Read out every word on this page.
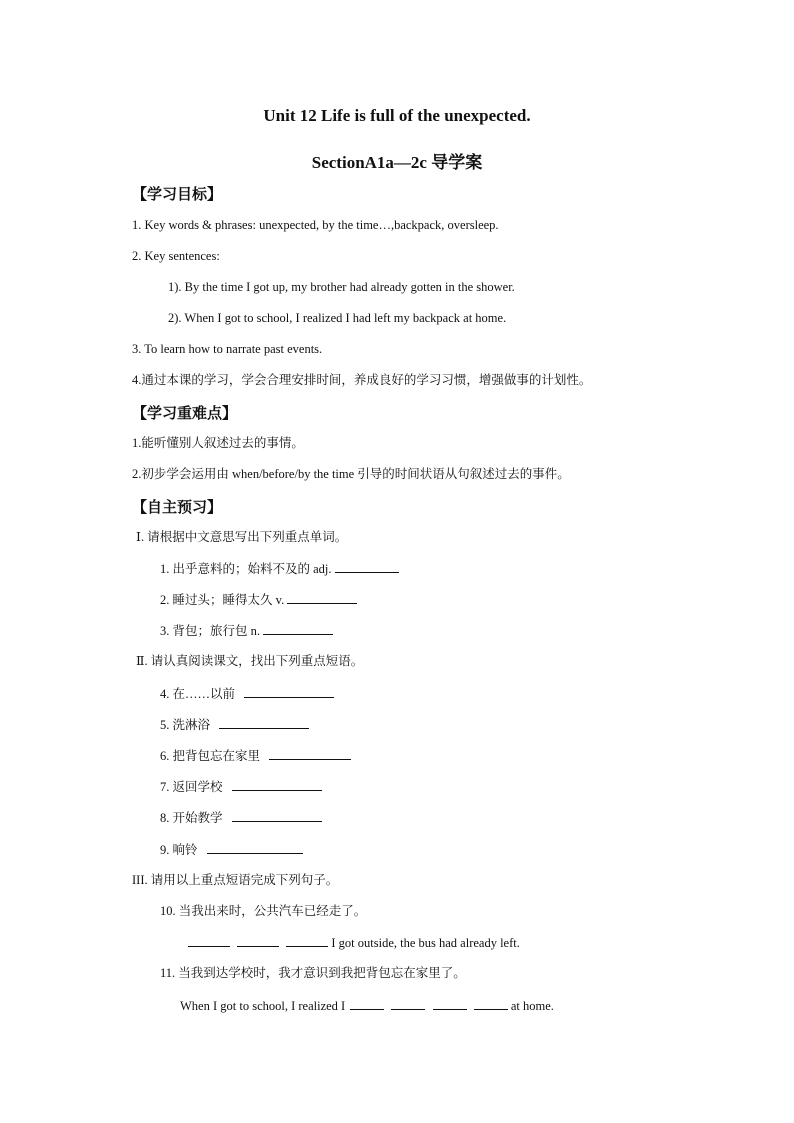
Unit 12 Life is full of the unexpected.
SectionA1a—2c 导学案
【学习目标】
1. Key words & phrases: unexpected, by the time…,backpack, oversleep.
2. Key sentences:
1). By the time I got up, my brother had already gotten in the shower.
2). When I got to school, I realized I had left my backpack at home.
3. To learn how to narrate past events.
4.通过本课的学习，学会合理安排时间，养成良好的学习习惯，增强做事的计划性。
【学习重难点】
1.能听懂别人叙述过去的事情。
2.初步学会运用由 when/before/by the time 引导的时间状语从句叙述过去的事件。
【自主预习】
Ⅰ. 请根据中文意思写出下列重点单词。
1. 出乎意料的；始料不及的 adj.
2. 睡过头；睡得太久 v.
3. 背包；旅行包 n.
Ⅱ. 请认真阅读课文，找出下列重点短语。
4. 在……以前
5. 洗淋浴
6. 把背包忘在家里
7. 返回学校
8. 开始教学
9. 响铃
III. 请用以上重点短语完成下列句子。
10. 当我出来时，公共汽车已经走了。
I got outside, the bus had already left.
11. 当我到达学校时，我才意识到我把背包忘在家里了。
When I got to school, I realized I	at home.
